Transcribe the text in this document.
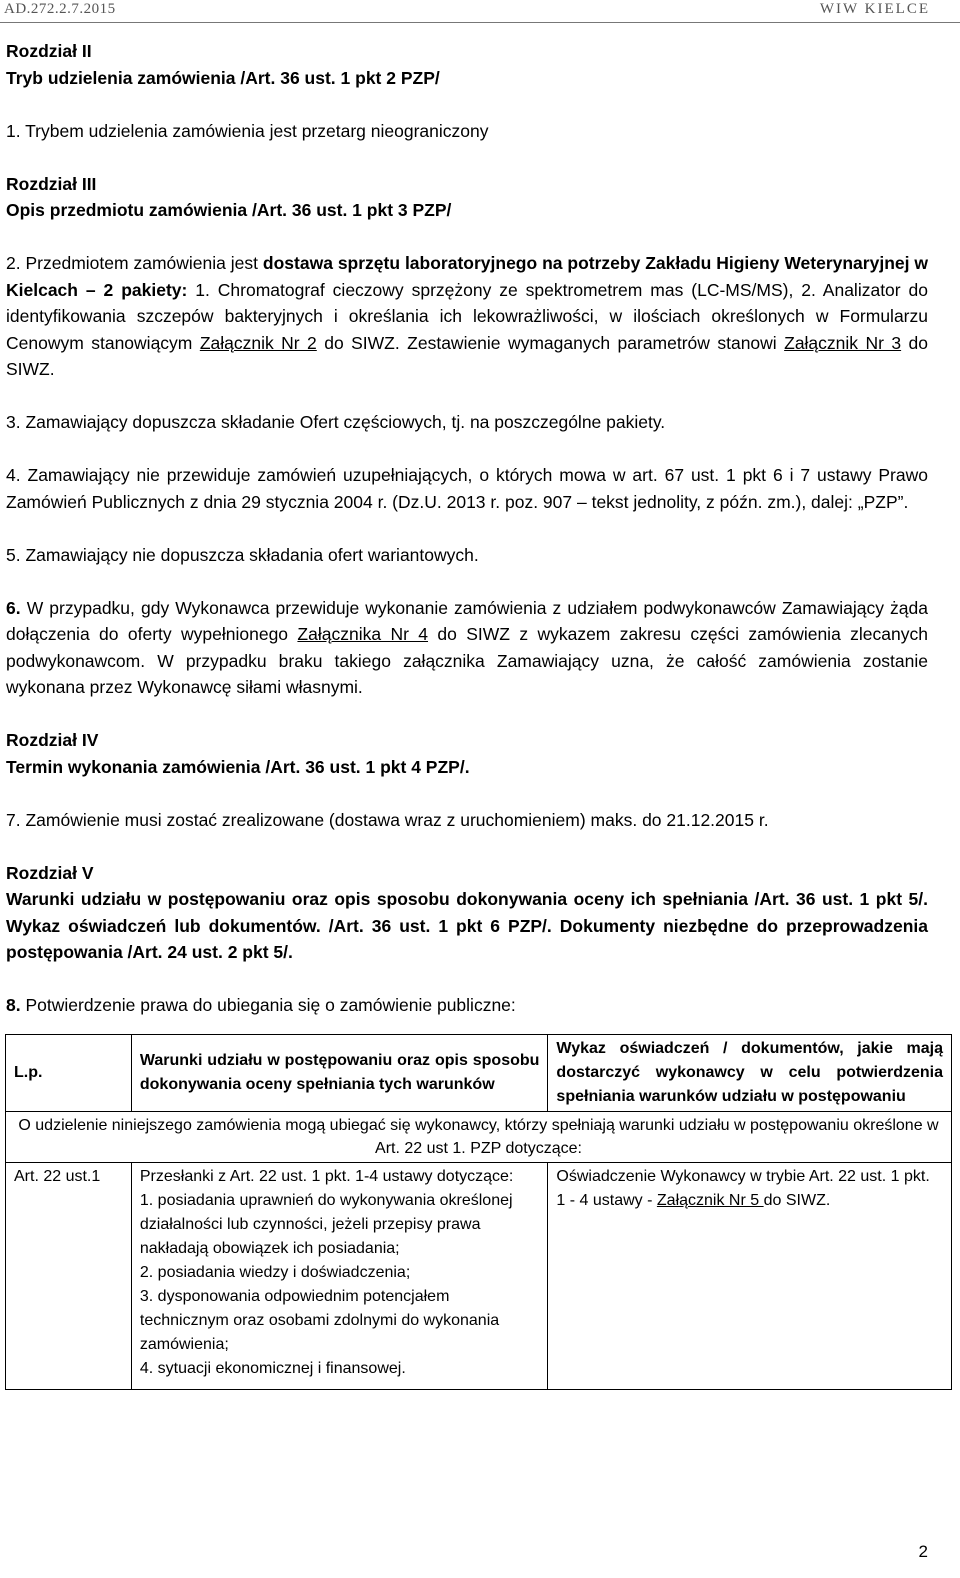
AD.272.2.7.2015	WIW KIELCE

Rozdział II

Tryb udzielenia zamówienia /Art. 36 ust. 1 pkt 2 PZP/

1. Trybem udzielenia zamówienia jest przetarg nieograniczony

Rozdział III

Opis przedmiotu zamówienia /Art. 36 ust. 1 pkt 3 PZP/

2. Przedmiotem zamówienia jest dostawa sprzętu laboratoryjnego na potrzeby Zakładu Higieny Weterynaryjnej w Kielcach – 2 pakiety: 1. Chromatograf cieczowy sprzężony ze spektrometrem mas (LC-MS/MS), 2. Analizator do identyfikowania szczepów bakteryjnych i określania ich lekowrażliwości, w ilościach określonych w Formularzu Cenowym stanowiącym Załącznik Nr 2 do SIWZ. Zestawienie wymaganych parametrów stanowi Załącznik Nr 3 do SIWZ.

3. Zamawiający dopuszcza składanie Ofert częściowych, tj. na poszczególne pakiety.

4. Zamawiający nie przewiduje zamówień uzupełniających, o których mowa w art. 67 ust. 1 pkt 6 i 7 ustawy Prawo Zamówień Publicznych z dnia 29 stycznia 2004 r. (Dz.U. 2013 r. poz. 907 – tekst jednolity, z późn. zm.), dalej: „PZP”.

5. Zamawiający nie dopuszcza składania ofert wariantowych.

6. W przypadku, gdy Wykonawca przewiduje wykonanie zamówienia z udziałem podwykonawców Zamawiający żąda dołączenia do oferty wypełnionego Załącznika Nr 4 do SIWZ z wykazem zakresu części zamówienia zlecanych podwykonawcom. W przypadku braku takiego załącznika Zamawiający uzna, że całość zamówienia zostanie wykonana przez Wykonawcę siłami własnymi.

Rozdział IV

Termin wykonania zamówienia /Art. 36 ust. 1 pkt 4 PZP/.

7. Zamówienie musi zostać zrealizowane (dostawa wraz z uruchomieniem) maks. do 21.12.2015 r.

Rozdział V

Warunki udziału w postępowaniu oraz opis sposobu dokonywania oceny ich spełniania /Art. 36 ust. 1 pkt 5/. Wykaz oświadczeń lub dokumentów. /Art. 36 ust. 1 pkt 6 PZP/. Dokumenty niezbędne do przeprowadzenia postępowania /Art. 24 ust. 2 pkt 5/.

8. Potwierdzenie prawa do ubiegania się o zamówienie publiczne:

L.p.	Warunki udziału w postępowaniu oraz opis sposobu dokonywania oceny spełniania tych warunków	Wykaz oświadczeń / dokumentów, jakie mają dostarczyć wykonawcy w celu potwierdzenia spełniania warunków udziału w postępowaniu
O udzielenie niniejszego zamówienia mogą ubiegać się wykonawcy, którzy spełniają warunki udziału w postępowaniu określone w Art. 22 ust 1. PZP dotyczące:		
Art. 22 ust.1	Przesłanki z Art. 22 ust. 1 pkt. 1-4 ustawy dotyczące:
1. posiadania uprawnień do wykonywania określonej działalności lub czynności, jeżeli przepisy prawa nakładają obowiązek ich posiadania;
2. posiadania wiedzy i doświadczenia;
3. dysponowania odpowiednim potencjałem technicznym oraz osobami zdolnymi do wykonania zamówienia;
4. sytuacji ekonomicznej i finansowej.	Oświadczenie Wykonawcy w trybie Art. 22 ust. 1 pkt. 1 - 4 ustawy - Załącznik Nr 5 do SIWZ.
2
